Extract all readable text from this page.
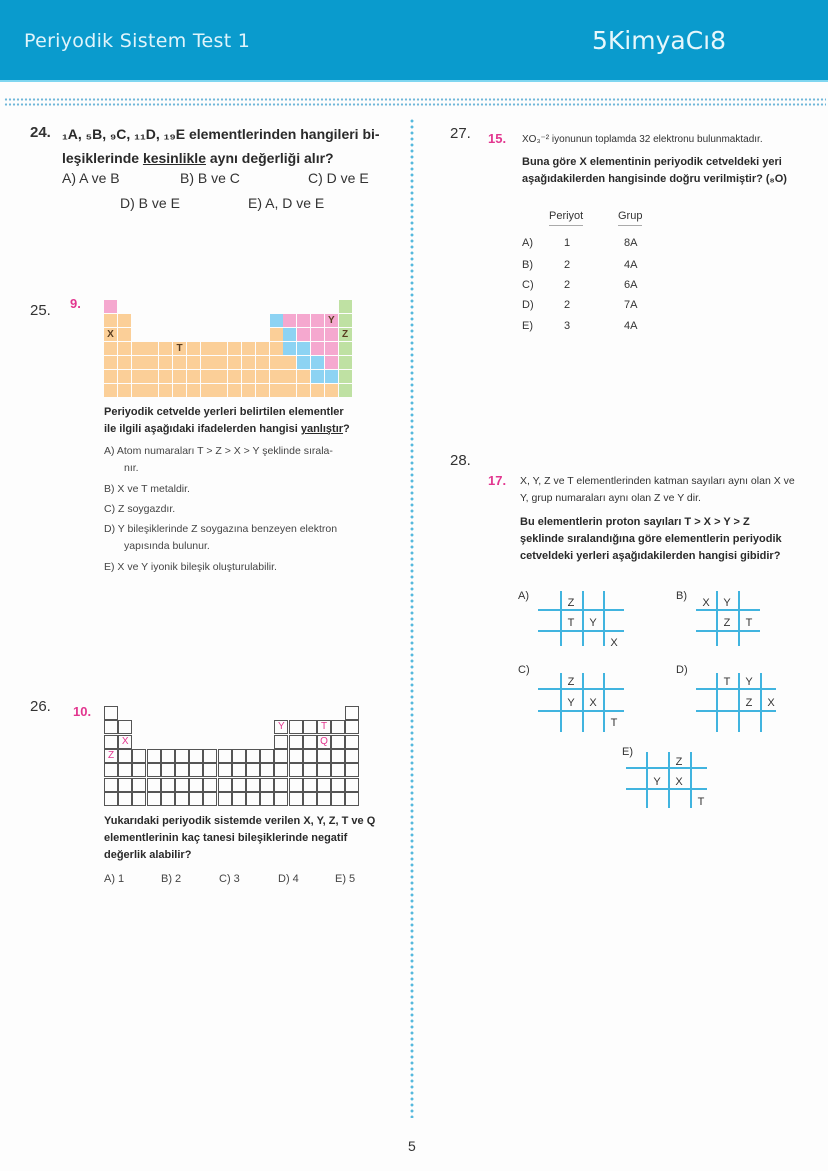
Periyodik Sistem Test 1	5KimyaCı8
24. ₁A, ₅B, ₉C, ₁₁D, ₁₉E elementlerinden hangileri bi-
leşiklerinde kesinlikle aynı değerliği alır?
A) A ve B	B) B ve C	C) D ve E
D) B ve E	E) A, D ve E
25. 9.
Y
X	Z
T
Periyodik cetvelde yerleri belirtilen elementler
ile ilgili aşağıdaki ifadelerden hangisi yanlıştır?
A) Atom numaraları T > Z > X > Y şeklinde sırala-
nır.
B) X ve T metaldir.
C) Z soygazdır.
D) Y bileşiklerinde Z soygazına benzeyen elektron
yapısında bulunur.
E) X ve Y iyonik bileşik oluşturulabilir.
26. 10.
Y	T
X	Q
Z
Yukarıdaki periyodik sistemde verilen X, Y, Z, T ve Q elementlerinin kaç tanesi bileşiklerinde negatif değerlik alabilir?
A) 1	B) 2	C) 3	D) 4	E) 5
27. 15. XO₃⁻² iyonunun toplamda 32 elektronu bulunmaktadır.
Buna göre X elementinin periyodik cetveldeki yeri aşağıdakilerden hangisinde doğru verilmiştir? (₈O)
Periyot	Grup
A)	1	8A
B)	2	4A
C)	2	6A
D)	2	7A
E)	3	4A
28.
17. X, Y, Z ve T elementlerinden katman sayıları aynı olan X ve Y, grup numaraları aynı olan Z ve Y dir.
Bu elementlerin proton sayıları T > X > Y > Z şeklinde sıralandığına göre elementlerin periyodik cetveldeki yerleri aşağıdakilerden hangisi gibidir?
A)
Z
T	Y
X
B)
X	Y
Z	T
C)
Z
Y	X
T
D)
T	Y
Z	X
E)
Z
Y	X
T
5
